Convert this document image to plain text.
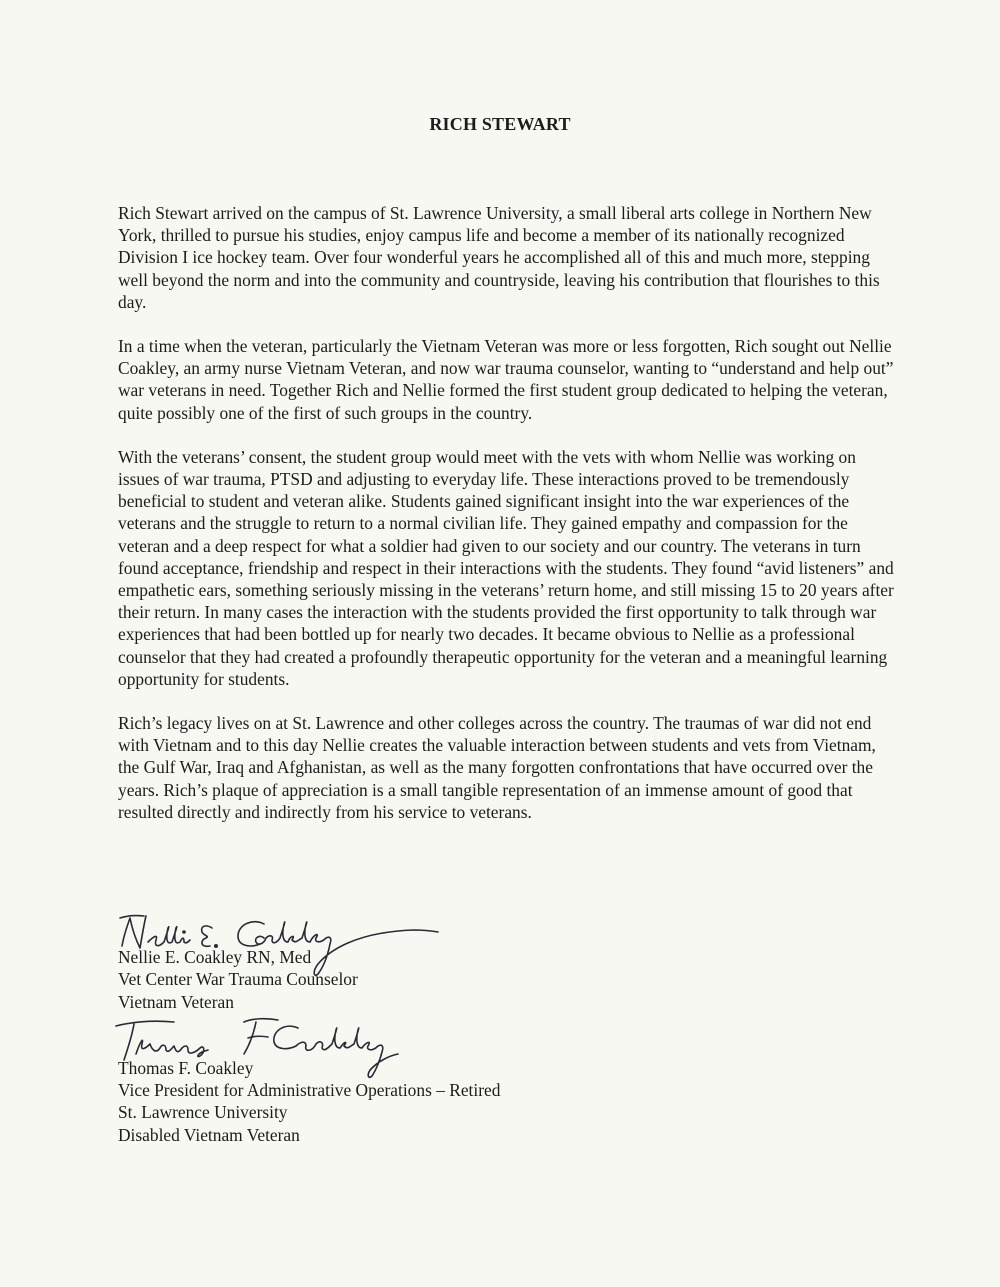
RICH STEWART

Rich Stewart arrived on the campus of St. Lawrence University, a small liberal arts college in Northern New York, thrilled to pursue his studies, enjoy campus life and become a member of its nationally recognized Division I ice hockey team. Over four wonderful years he accomplished all of this and much more, stepping well beyond the norm and into the community and countryside, leaving his contribution that flourishes to this day.

In a time when the veteran, particularly the Vietnam Veteran was more or less forgotten, Rich sought out Nellie Coakley, an army nurse Vietnam Veteran, and now war trauma counselor, wanting to “understand and help out” war veterans in need. Together Rich and Nellie formed the first student group dedicated to helping the veteran, quite possibly one of the first of such groups in the country.

With the veterans’ consent, the student group would meet with the vets with whom Nellie was working on issues of war trauma, PTSD and adjusting to everyday life. These interactions proved to be tremendously beneficial to student and veteran alike. Students gained significant insight into the war experiences of the veterans and the struggle to return to a normal civilian life. They gained empathy and compassion for the veteran and a deep respect for what a soldier had given to our society and our country. The veterans in turn found acceptance, friendship and respect in their interactions with the students. They found “avid listeners” and empathetic ears, something seriously missing in the veterans’ return home, and still missing 15 to 20 years after their return. In many cases the interaction with the students provided the first opportunity to talk through war experiences that had been bottled up for nearly two decades. It became obvious to Nellie as a professional counselor that they had created a profoundly therapeutic opportunity for the veteran and a meaningful learning opportunity for students.

Rich’s legacy lives on at St. Lawrence and other colleges across the country. The traumas of war did not end with Vietnam and to this day Nellie creates the valuable interaction between students and vets from Vietnam, the Gulf War, Iraq and Afghanistan, as well as the many forgotten confrontations that have occurred over the years. Rich’s plaque of appreciation is a small tangible representation of an immense amount of good that resulted directly and indirectly from his service to veterans.

Nellie E. Coakley RN, Med
Vet Center War Trauma Counselor
Vietnam Veteran
Thomas F. Coakley
Vice President for Administrative Operations – Retired
St. Lawrence University
Disabled Vietnam Veteran
